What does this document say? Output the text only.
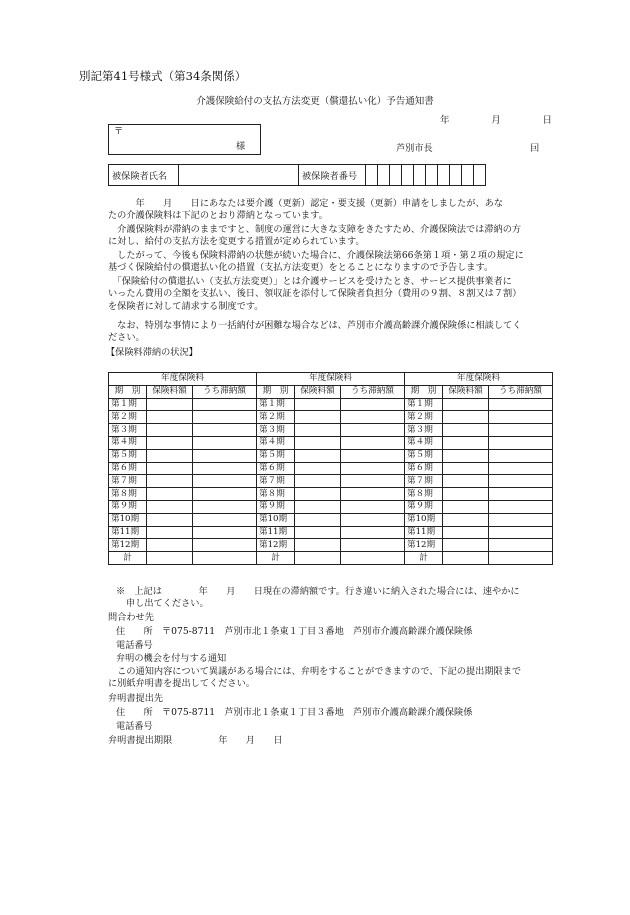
別記第41号様式（第34条関係）
介護保険給付の支払方法変更（償還払い化）予告通知書
年	月	日
〒
様	芦別市長	囙
被保険者氏名		被保険者番号										
　　　年　　月　　日にあなたは要介護（更新）認定・要支援（更新）申請をしましたが、あな
たの介護保険料は下記のとおり滞納となっています。
　介護保険料が滞納のままですと、制度の運営に大きな支障をきたすため、介護保険法では滞納の方
に対し、給付の支払方法を変更する措置が定められています。
　したがって、今後も保険料滞納の状態が続いた場合に、介護保険法第66条第１項・第２項の規定に
基づく保険給付の償還払い化の措置（支払方法変更）をとることになりますので予告します。
　「保険給付の償還払い（支払方法変更）」とは介護サービスを受けたとき、サービス提供事業者に
いったん費用の全額を支払い、後日、領収証を添付して保険者負担分（費用の９割、８割又は７割）
を保険者に対して請求する制度です。
　なお、特別な事情により一括納付が困難な場合などは、芦別市介護高齢課介護保険係に相談してく
ださい。
【保険料滞納の状況】
年度保険料			年度保険料			年度保険料		
期　別	保険料額	うち滞納額	期　別	保険料額	うち滞納額	期　別	保険料額	うち滞納額
第１期			第１期			第１期		
第２期			第２期			第２期		
第３期			第３期			第３期		
第４期			第４期			第４期		
第５期			第５期			第５期		
第６期			第６期			第６期		
第７期			第７期			第７期		
第８期			第８期			第８期		
第９期			第９期			第９期		
第10期			第10期			第10期		
第11期			第11期			第11期		
第12期			第12期			第12期		
計			計			計		
※　上記は　　　　年　　月　　日現在の滞納額です。行き違いに納入された場合には、速やかに
申し出てください。
問合わせ先
住　　所　〒075-8711　芦別市北１条東１丁目３番地　芦別市介護高齢課介護保険係
電話番号
弁明の機会を付与する通知
　この通知内容について異議がある場合には、弁明をすることができますので、下記の提出期限まで
に別紙弁明書を提出してください。
弁明書提出先
住　　所　〒075-8711　芦別市北１条東１丁目３番地　芦別市介護高齢課介護保険係
電話番号
弁明書提出期限　　　　　年　　月　　日
